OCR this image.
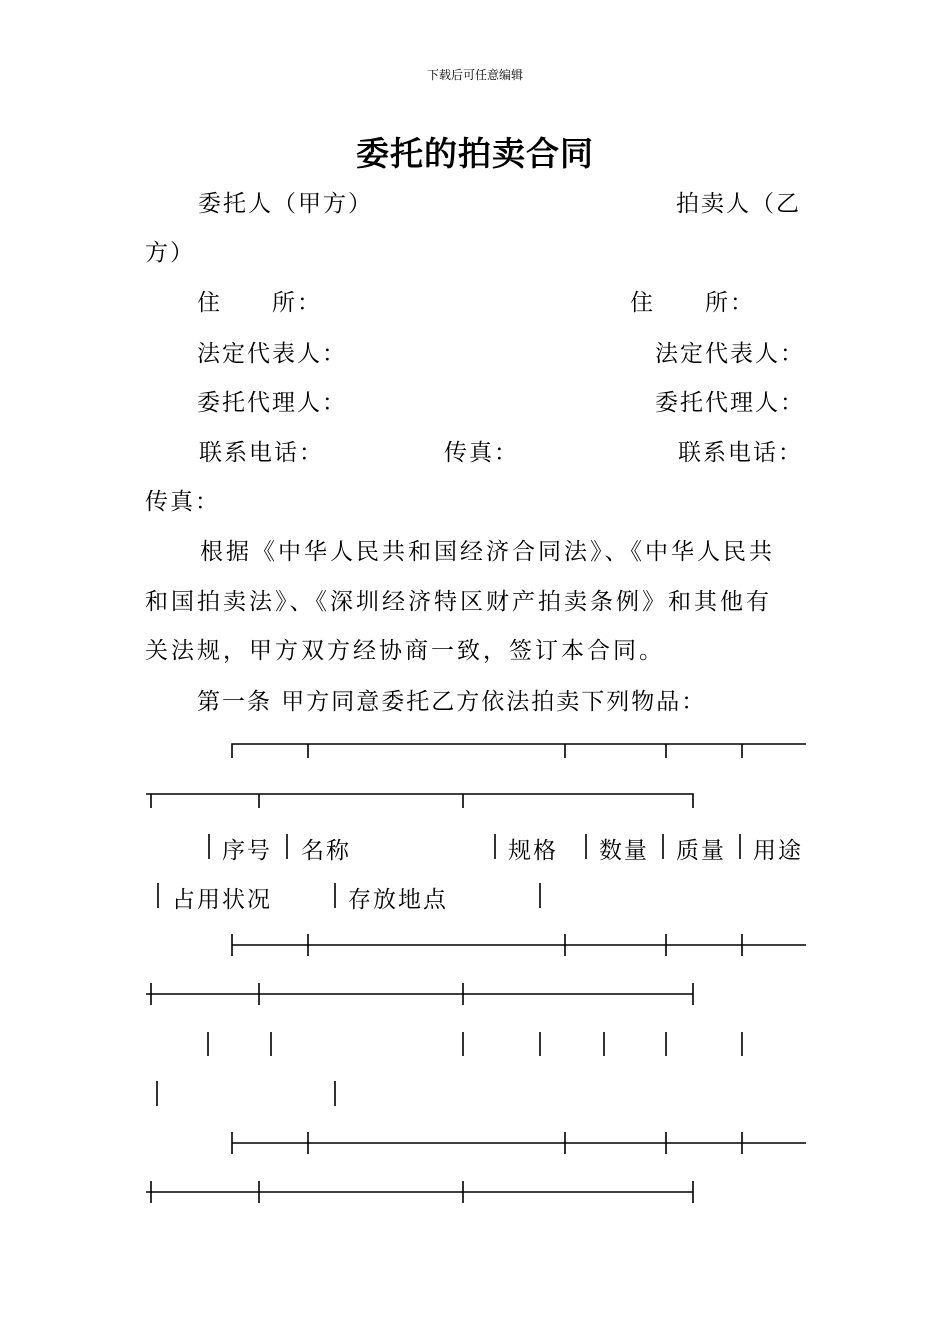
下载后可任意编辑
委托的拍卖合同
委托人（甲方）	拍卖人（乙
方）
住　　所：	住　　所：
法定代表人：	法定代表人：
委托代理人：	委托代理人：
联系电话：	传真：	联系电话：
传真：
根据《中华人民共和国经济合同法》、《中华人民共
和国拍卖法》、《深圳经济特区财产拍卖条例》和其他有
关法规，甲方双方经协商一致，签订本合同。
第一条 甲方同意委托乙方依法拍卖下列物品：
序号 名称	规格 数量 质量 用途
占用状况	存放地点
